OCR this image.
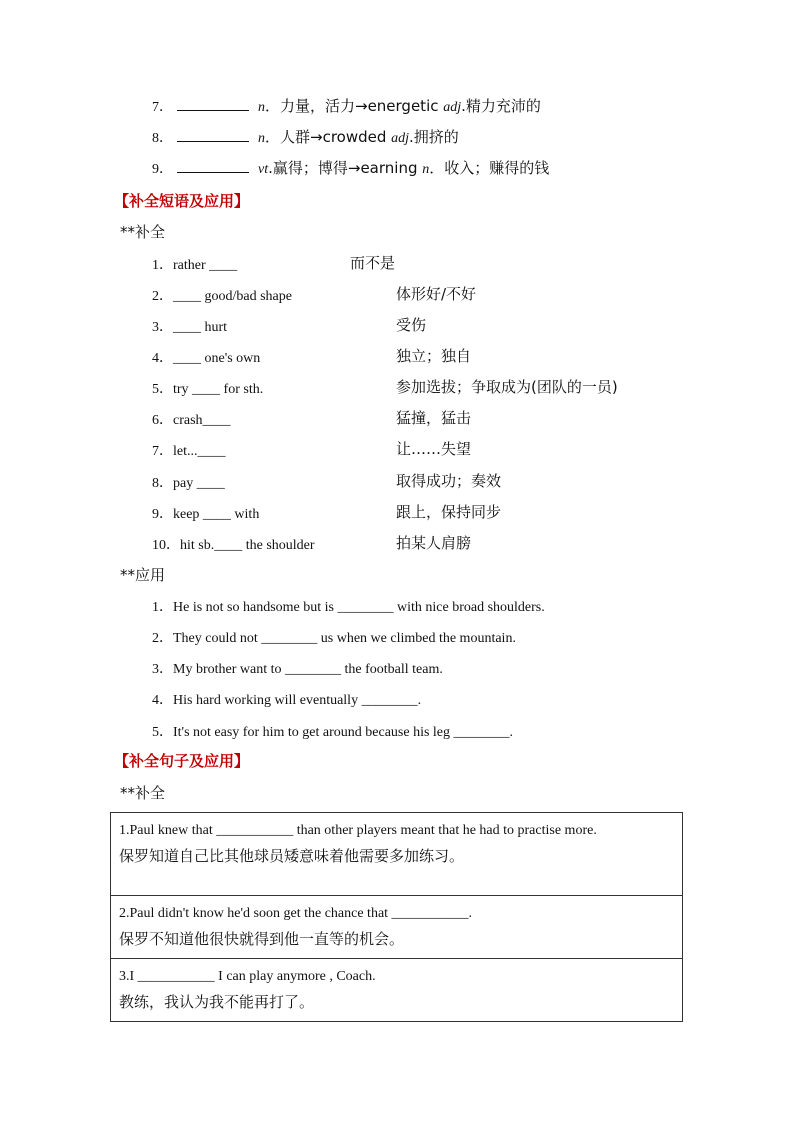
7．	n．力量，活力→energetic adj.精力充沛的
8．	n．人群→crowded adj.拥挤的
9．	vt.赢得；博得→earning n．收入；赚得的钱
【补全短语及应用】
**补全
1．rather ____	而不是
2．____ good/bad shape	体形好/不好
3．____ hurt	受伤
4．____ one's own	独立；独自
5．try ____ for sth.	参加选拔；争取成为(团队的一员)
6．crash____	猛撞，猛击
7．let...____	让……失望
8．pay ____	取得成功；奏效
9．keep ____ with	跟上，保持同步
10．hit sb.____ the shoulder	拍某人肩膀
**应用
1．He is not so handsome but is ________ with nice broad shoulders.
2．They could not ________ us when we climbed the mountain.
3．My brother want to ________ the football team.
4．His hard working will eventually ________.
5．It's not easy for him to get around because his leg ________.
【补全句子及应用】
**补全
1.Paul knew that ___________ than other players meant that he had to practise more.
保罗知道自己比其他球员矮意味着他需要多加练习。

2.Paul didn't know he'd soon get the chance that ___________.
保罗不知道他很快就得到他一直等的机会。

3.I ___________ I can play anymore , Coach.
教练，我认为我不能再打了。
